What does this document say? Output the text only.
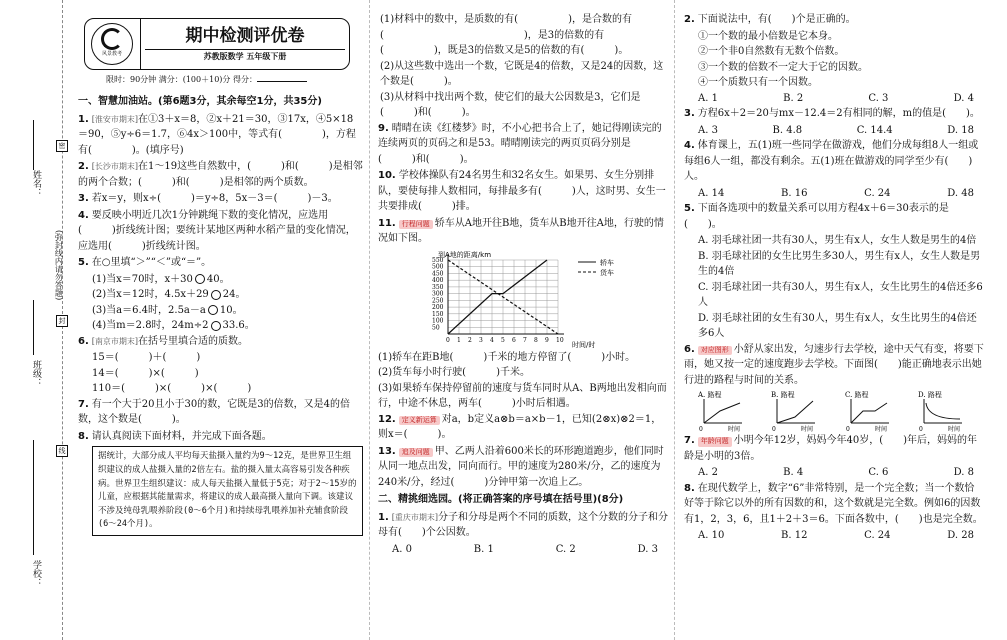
姓名：
班级：
学校：
(弥封线内请勿答题)
密
封
线
风景教考
期中检测评优卷
苏教版数学 五年级下册
限时：90分钟 满分：(100＋10)分 得分：
一、智慧加油站。(第6题3分，其余每空1分，共35分)
1. [淮安市期末]在①3＋x＝8，②x＋21＝30，③17x，④5×18＝90，⑤y÷6＝1.7，⑥4x＞100中，等式有(　　　　)，方程有(　　　　)。(填序号)
2. [长沙市期末]在1～19这些自然数中，(　　　)和(　　　)是相邻的两个合数；(　　　)和(　　　)是相邻的两个质数。
3. 若x＝y，则x÷(　　　)＝y÷8，5x－3＝(　　　)－3。
4. 要反映小明近几次1分钟跳绳下数的变化情况，应选用(　　　)折线统计图；要统计某地区两种水稻产量的变化情况，应选用(　　　)折线统计图。
5. 在○里填“＞”“＜”或“＝”。
(1)当x＝70时，x＋30 40。
(2)当x＝12时，4.5x＋29 24。
(3)当a＝6.4时，2.5a－a 10。
(4)当m＝2.8时，24m÷2 33.6。
6. [南京市期末]在括号里填合适的质数。
15＝(　　　)＋(　　　)
14＝(　　　)×(　　　)
110＝(　　　)×(　　　)×(　　　)
7. 有一个大于20且小于30的数，它既是3的倍数，又是4的倍数，这个数是(　　　)。
8. 请认真阅读下面材料，并完成下面各题。
据统计，大部分成人平均每天盐摄入量约为9～12克，是世界卫生组织建议的成人盐摄入量的2倍左右。盐的摄入量太高容易引发各种疾病。世界卫生组织建议：成人每天盐摄入量低于5克；对于2～15岁的儿童，应根据其能量需求，将建议的成人最高摄入量向下调。该建议不涉及纯母乳喂养阶段(0～6个月)和持续母乳喂养加补充辅食阶段(6～24个月)。
(1)材料中的数中，是质数的有(　　　　　)，是合数的有(　　　　　　　　　　　　　　)，是3的倍数的有(　　　　　)，既是3的倍数又是5的倍数的有(　　　)。
(2)从这些数中选出一个数，它既是4的倍数，又是24的因数，这个数是(　　　)。
(3)从材料中找出两个数，使它们的最大公因数是3，它们是(　　　)和(　　　)。
9. 晴晴在读《红楼梦》时，不小心把书合上了，她记得刚读完的连续两页的页码之和是53。晴晴刚读完的两页页码分别是(　　　)和(　　　)。
10. 学校体操队有24名男生和32名女生。如果男、女生分别排队，要使每排人数相同，每排最多有(　　　)人，这时男、女生一共要排成(　　　)排。
11. 行程问题 轿车从A地开往B地，货车从B地开往A地，行驶的情况如下图。
到A地的距离/km
0 1 2 3 4 5 6 7 8 9 10
50
100
150
200
250
300
350
400
450
500
550	轿车
货车
时间/时
(1)轿车在距B地(　　　)千米的地方停留了(　　　)小时。
(2)货车每小时行驶(　　　)千米。
(3)如果轿车保持停留前的速度与货车同时从A、B两地出发相向而行，中途不休息，两车(　　　)小时后相遇。
12. 定义新运算 对a，b定义a⊗b＝a×b－1，已知(2⊗x)⊗2＝1，则x＝(　　　)。
13. 追及问题 甲、乙两人沿着600米长的环形跑道跑步，他们同时从同一地点出发，同向而行。甲的速度为280米/分，乙的速度为240米/分，经过(　　　)分钟甲第一次追上乙。
二、精挑细选园。(将正确答案的序号填在括号里)(8分)
1. [重庆市期末]分子和分母是两个不同的质数，这个分数的分子和分母有(　　)个公因数。
A. 0	B. 1	C. 2	D. 3
2. 下面说法中，有(　　)个是正确的。
①一个数的最小倍数是它本身。
②一个非0自然数有无数个倍数。
③一个数的倍数不一定大于它的因数。
④一个质数只有一个因数。
A. 1	B. 2	C. 3	D. 4
3. 方程6x＋2＝20与mx－12.4＝2有相同的解，m的值是(　　)。
A. 3	B. 4.8	C. 14.4	D. 18
4. 体育课上，五(1)班一些同学在做游戏，他们分成每组8人一组或每组6人一组，都没有剩余。五(1)班在做游戏的同学至少有(　　)人。
A. 14	B. 16	C. 24	D. 48
5. 下面各选项中的数量关系可以用方程4x＋6＝30表示的是(　　)。
A. 羽毛球社团一共有30人，男生有x人，女生人数是男生的4倍
B. 羽毛球社团的女生比男生多30人，男生有x人，女生人数是男生的4倍
C. 羽毛球社团一共有30人，男生有x人，女生比男生的4倍还多6人
D. 羽毛球社团的女生有30人，男生有x人，女生比男生的4倍还多6人
6. 对应图形 小舒从家出发，匀速步行去学校，途中天气有变，将要下雨，她又按一定的速度跑步去学校。下面图(　　)能正确地表示出她行进的路程与时间的关系。
A. 路程
0	时间
B. 路程
0	时间
C. 路程
0	时间
D. 路程
0	时间
7. 年龄问题 小明今年12岁，妈妈今年40岁，(　　)年后，妈妈的年龄是小明的3倍。
A. 2	B. 4	C. 6	D. 8
8. 在现代数学上，数字“6”非常特别，是一个完全数；当一个数恰好等于除它以外的所有因数的和，这个数就是完全数。例如6的因数有1，2，3，6，且1＋2＋3＝6。下面各数中，(　　)也是完全数。
A. 10	B. 12	C. 24	D. 28
